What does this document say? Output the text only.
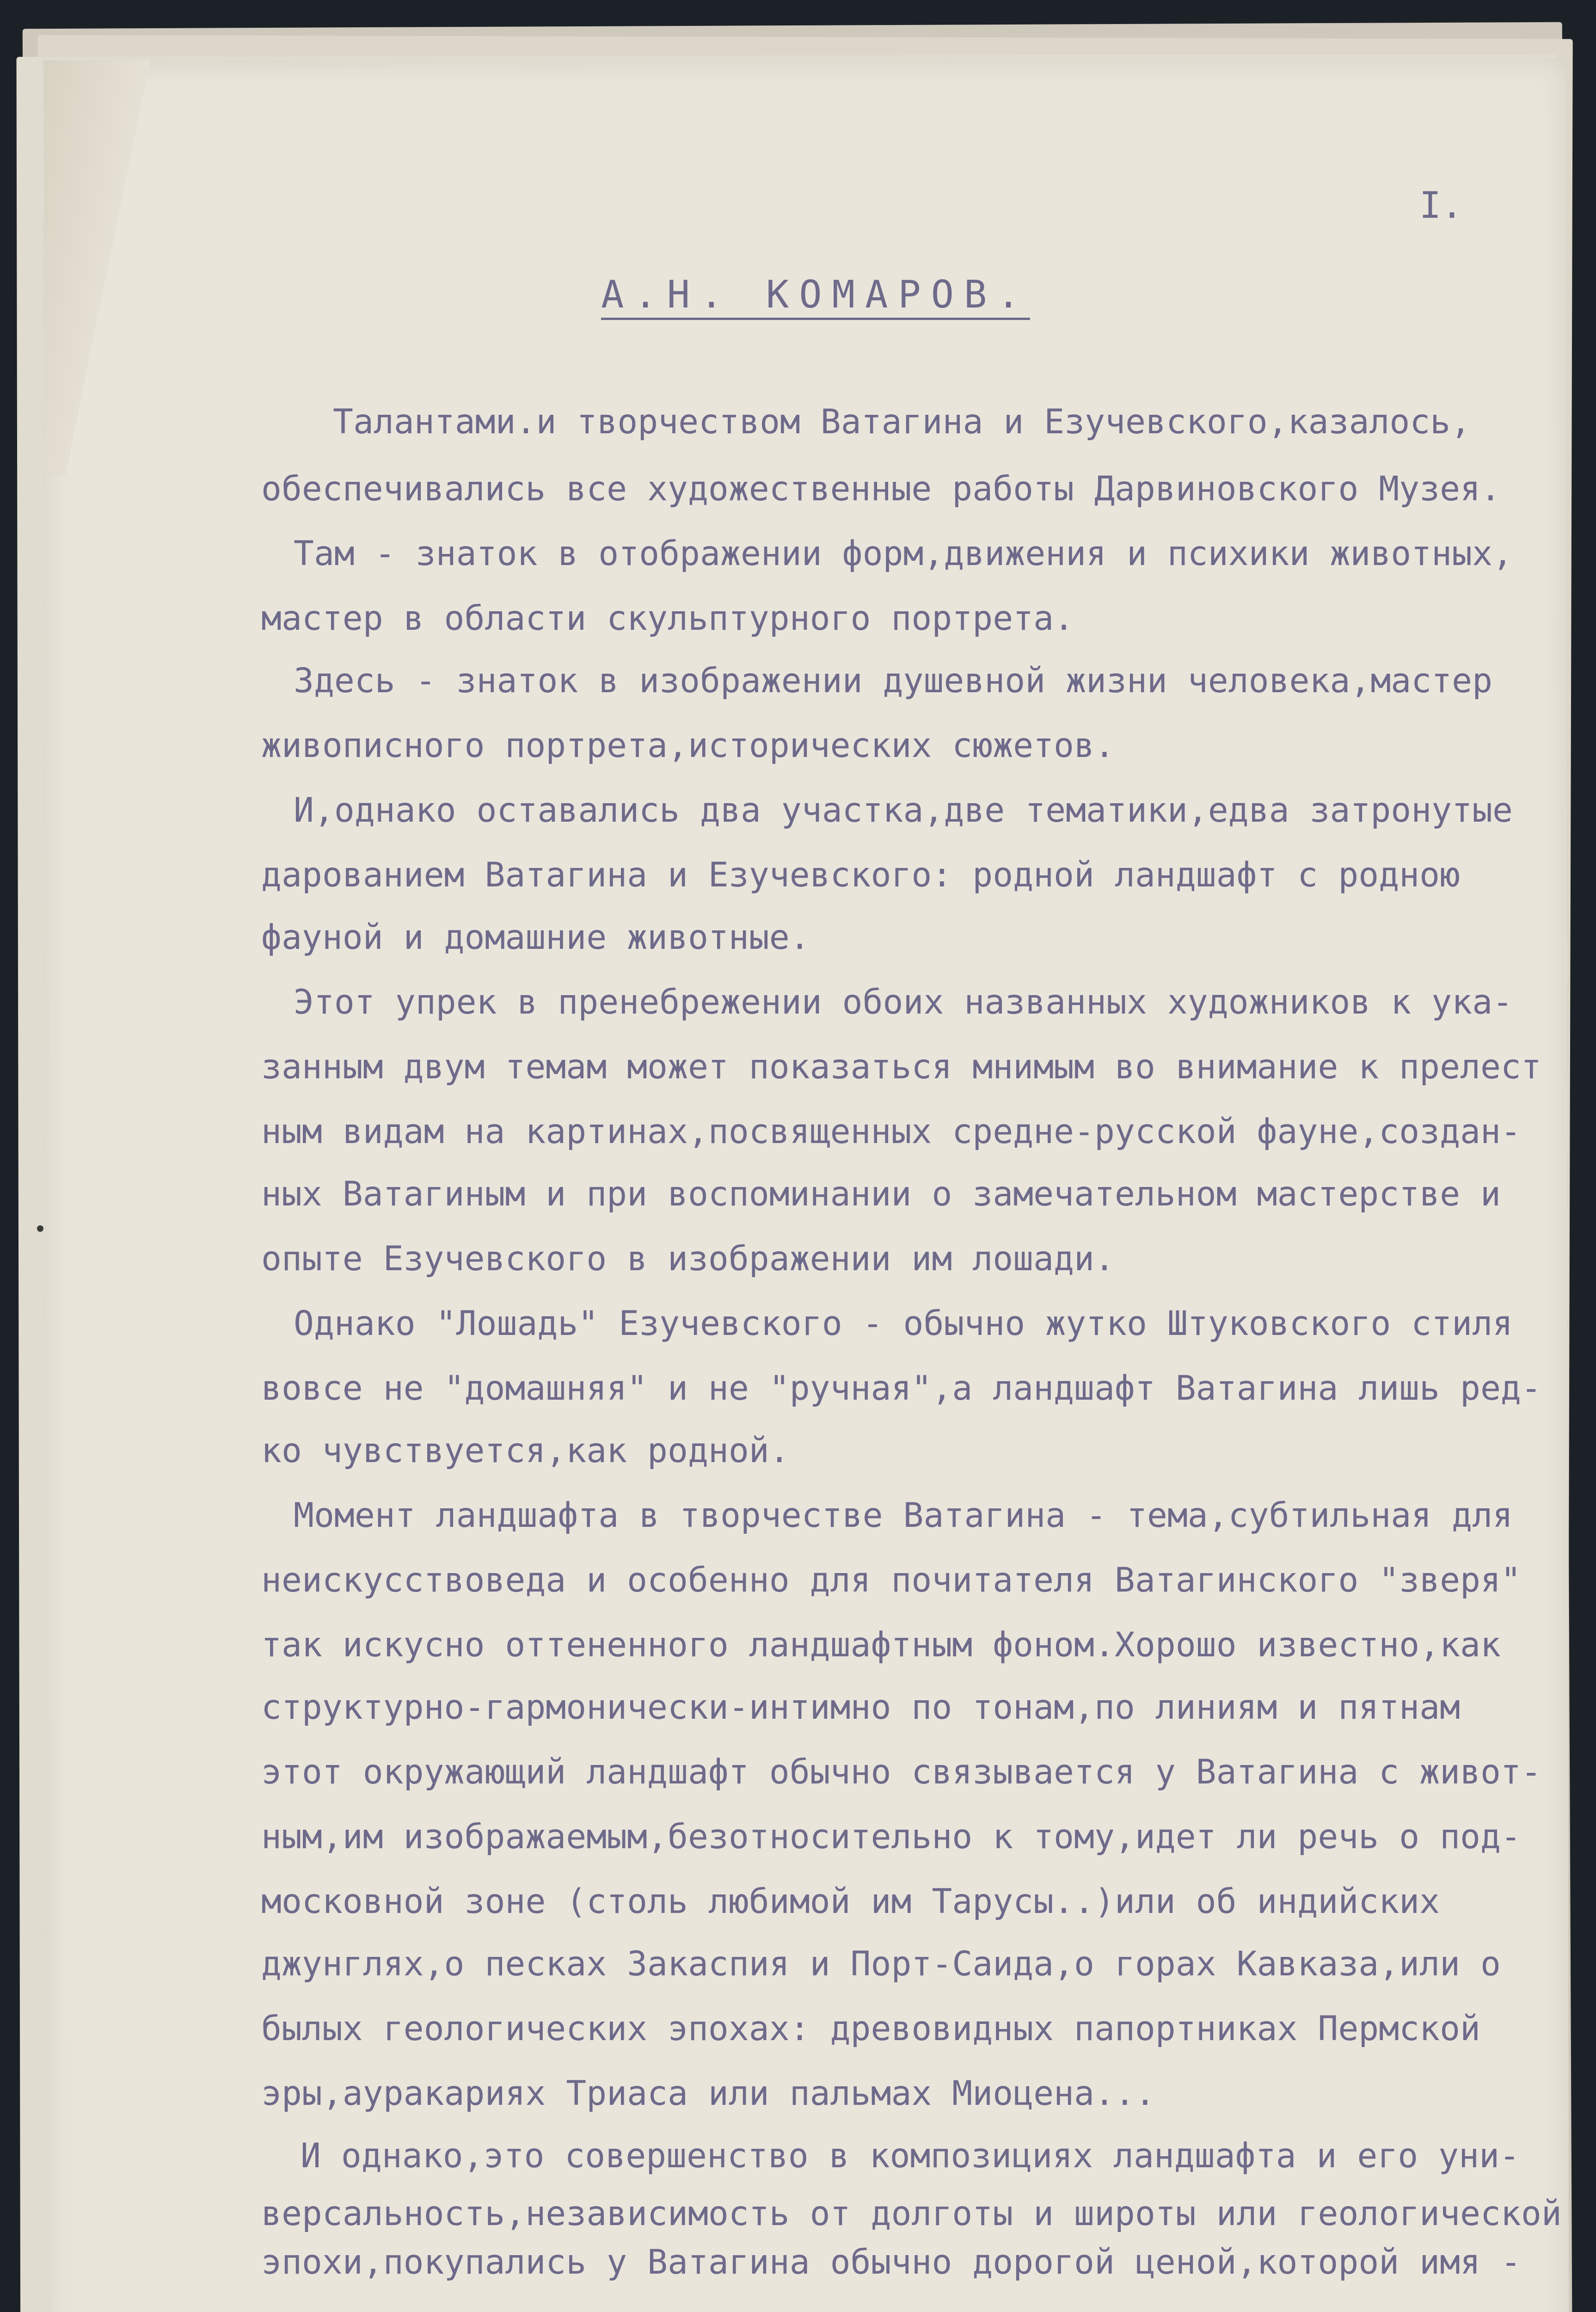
I.
А.Н. КОМАРОВ.
Талантами.и творчеством Ватагина и Езучевского,казалось,
обеспечивались все художественные работы Дарвиновского Музея.
Там - знаток в отображении форм,движения и психики животных,
мастер в области скульптурного портрета.
Здесь - знаток в изображении душевной жизни человека,мастер
живописного портрета,исторических сюжетов.
И,однако оставались два участка,две тематики,едва затронутые
дарованием Ватагина и Езучевского: родной ландшафт с родною
фауной и домашние животные.
Этот упрек в пренебрежении обоих названных художников к ука-
занным двум темам может показаться мнимым во внимание к прелест
ным видам на картинах,посвященных средне-русской фауне,создан-
ных Ватагиным и при воспоминании о замечательном мастерстве и
опыте Езучевского в изображении им лошади.
Однако "Лошадь" Езучевского - обычно жутко Штуковского стиля
вовсе не "домашняя" и не "ручная",а ландшафт Ватагина лишь ред-
ко чувствуется,как родной.
Момент ландшафта в творчестве Ватагина - тема,субтильная для
неискусствоведа и особенно для почитателя Ватагинского "зверя"
так искусно оттененного ландшафтным фоном.Хорошо известно,как
структурно-гармонически-интимно по тонам,по линиям и пятнам
этот окружающий ландшафт обычно связывается у Ватагина с живот-
ным,им изображаемым,безотносительно к тому,идет ли речь о под-
московной зоне (столь любимой им Тарусы..)или об индийских
джунглях,о песках Закаспия и Порт-Саида,о горах Кавказа,или о
былых геологических эпохах: древовидных папортниках Пермской
эры,ауракариях Триаса или пальмах Миоцена...
И однако,это совершенство в композициях ландшафта и его уни-
версальность,независимость от долготы и широты или геологической
эпохи,покупались у Ватагина обычно дорогой ценой,которой имя -
